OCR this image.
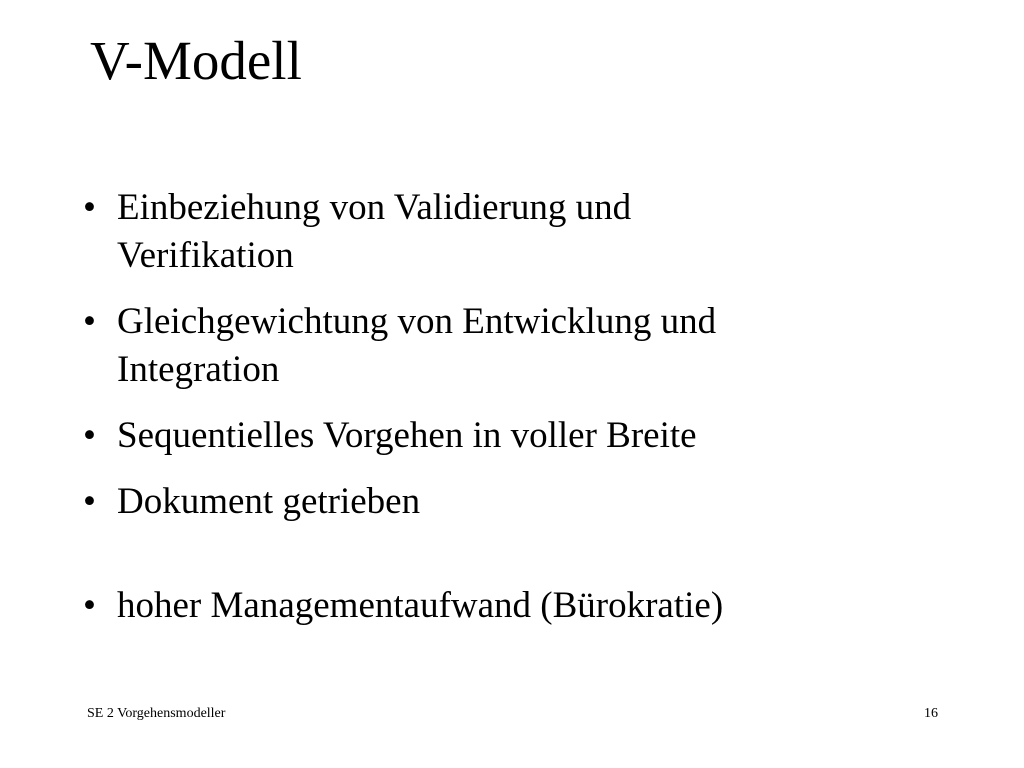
V-Modell
• Einbeziehung von Validierung und
Verifikation
• Gleichgewichtung von Entwicklung und
Integration
• Sequentielles Vorgehen in voller Breite
• Dokument getrieben
• hoher Managementaufwand (Bürokratie)
SE 2 Vorgehensmodeller	16
